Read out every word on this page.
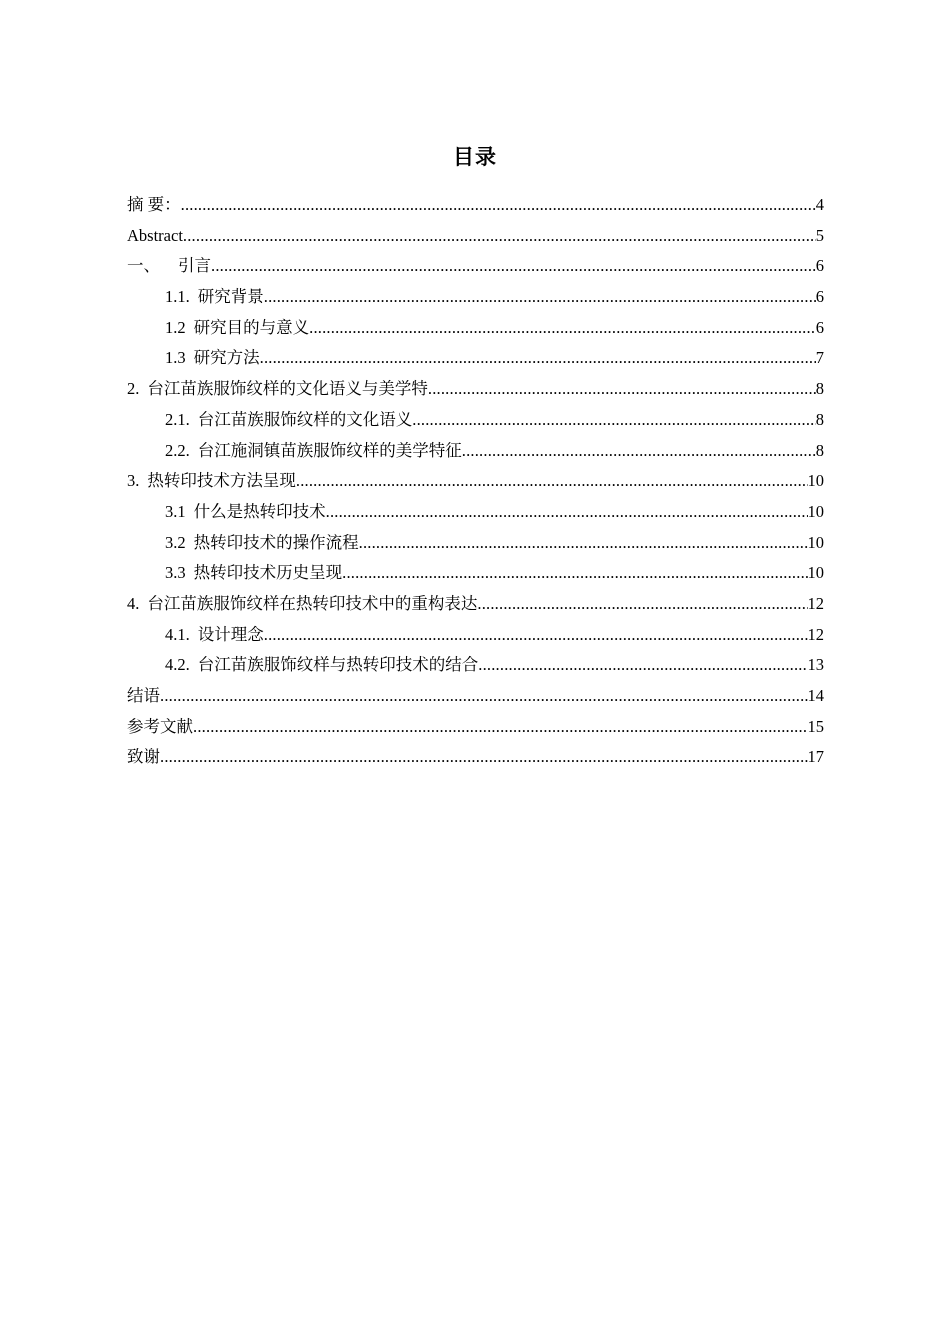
目录
摘 要： .....	4
Abstract .....	5
一、 引言 .....	6
1.1. 研究背景 .....	6
1.2 研究目的与意义 .....	6
1.3 研究方法 .....	7
2. 台江苗族服饰纹样的文化语义与美学特 .....	8
2.1. 台江苗族服饰纹样的文化语义 .....	8
2.2. 台江施洞镇苗族服饰纹样的美学特征 .....	8
3. 热转印技术方法呈现 .....	10
3.1 什么是热转印技术 .....	10
3.2 热转印技术的操作流程 .....	10
3.3 热转印技术历史呈现 .....	10
4. 台江苗族服饰纹样在热转印技术中的重构表达 .....	12
4.1. 设计理念 .....	12
4.2. 台江苗族服饰纹样与热转印技术的结合 .....	13
结语 .....	14
参考文献 .....	15
致谢 .....	17
